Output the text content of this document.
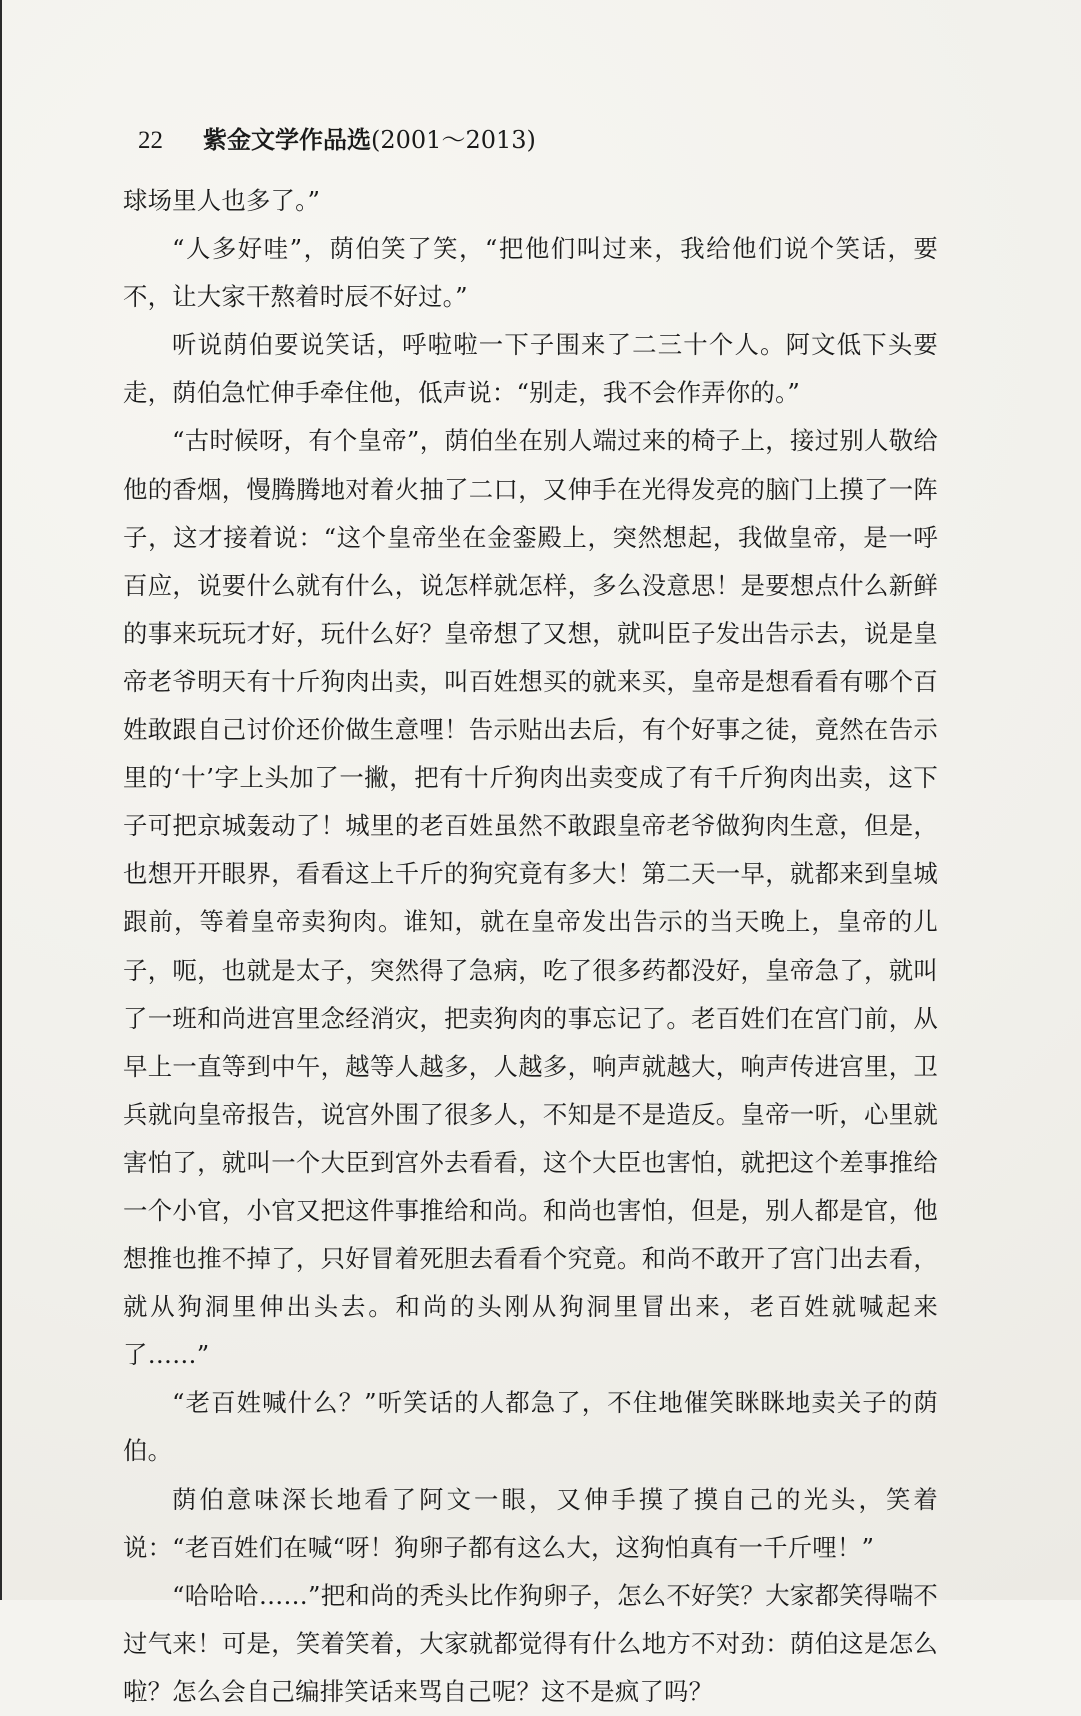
22 紫金文学作品选 (2001～2013)

球场里人也多了。”

“人多好哇”，荫伯笑了笑，“把他们叫过来，我给他们说个笑话，要不，让大家干熬着时辰不好过。”

听说荫伯要说笑话，呼啦啦一下子围来了二三十个人。阿文低下头要走，荫伯急忙伸手牵住他，低声说：“别走，我不会作弄你的。”

“古时候呀，有个皇帝”，荫伯坐在别人端过来的椅子上，接过别人敬给他的香烟，慢腾腾地对着火抽了二口，又伸手在光得发亮的脑门上摸了一阵子，这才接着说：“这个皇帝坐在金銮殿上，突然想起，我做皇帝，是一呼百应，说要什么就有什么，说怎样就怎样，多么没意思！是要想点什么新鲜的事来玩玩才好，玩什么好？皇帝想了又想，就叫臣子发出告示去，说是皇帝老爷明天有十斤狗肉出卖，叫百姓想买的就来买，皇帝是想看看有哪个百姓敢跟自己讨价还价做生意哩！告示贴出去后，有个好事之徒，竟然在告示里的‘十’字上头加了一撇，把有十斤狗肉出卖变成了有千斤狗肉出卖，这下子可把京城轰动了！城里的老百姓虽然不敢跟皇帝老爷做狗肉生意，但是，也想开开眼界，看看这上千斤的狗究竟有多大！第二天一早，就都来到皇城跟前，等着皇帝卖狗肉。谁知，就在皇帝发出告示的当天晚上，皇帝的儿子，呃，也就是太子，突然得了急病，吃了很多药都没好，皇帝急了，就叫了一班和尚进宫里念经消灾，把卖狗肉的事忘记了。老百姓们在宫门前，从早上一直等到中午，越等人越多，人越多，响声就越大，响声传进宫里，卫兵就向皇帝报告，说宫外围了很多人，不知是不是造反。皇帝一听，心里就害怕了，就叫一个大臣到宫外去看看，这个大臣也害怕，就把这个差事推给一个小官，小官又把这件事推给和尚。和尚也害怕，但是，别人都是官，他想推也推不掉了，只好冒着死胆去看看个究竟。和尚不敢开了宫门出去看，就从狗洞里伸出头去。和尚的头刚从狗洞里冒出来，老百姓就喊起来了……”

“老百姓喊什么？”听笑话的人都急了，不住地催笑眯眯地卖关子的荫伯。

荫伯意味深长地看了阿文一眼，又伸手摸了摸自己的光头，笑着说：“老百姓们在喊“呀！狗卵子都有这么大，这狗怕真有一千斤哩！”

“哈哈哈……”把和尚的秃头比作狗卵子，怎么不好笑？大家都笑得喘不过气来！可是，笑着笑着，大家就都觉得有什么地方不对劲：荫伯这是怎么啦？怎么会自己编排笑话来骂自己呢？这不是疯了吗？
